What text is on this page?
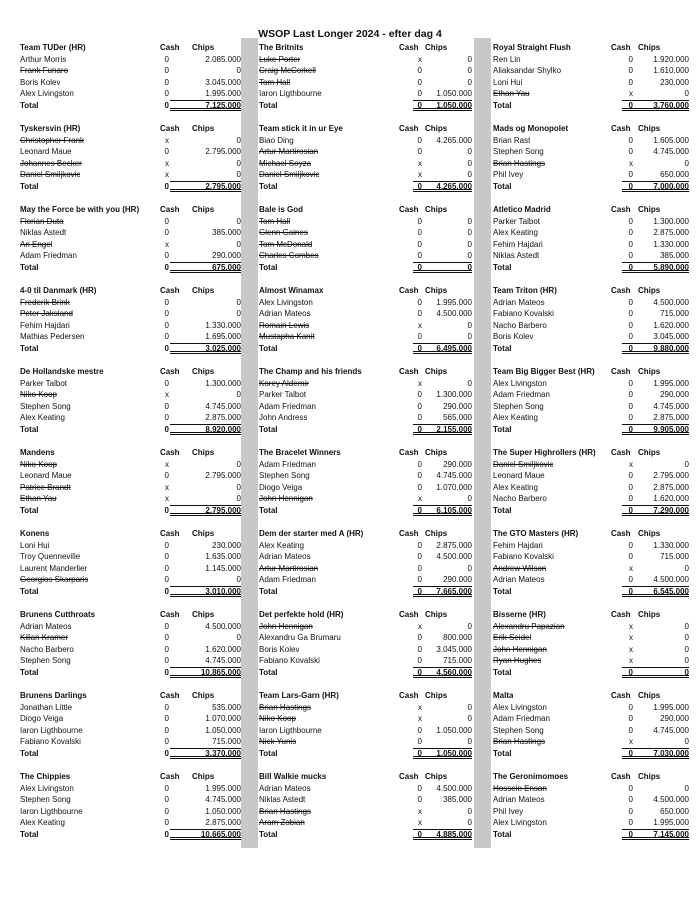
WSOP Last Longer 2024 - efter dag 4
Team TUDer (HR)	Cash Chips
Arthur Morris	0	2.085.000
Frank Funaro	0	0
Boris Kolev	0	3.045.000
Alex Livingston	0	1.995.000
Total	0	7.125.000
Tyskersvin (HR)	Cash Chips
Christopher Frank	x	0
Leonard Maue	0	2.795.000
Johannes Becker	x	0
Daniel Smiljkovic	x	0
Total	0	2.795.000
May the Force be with you (HR)	Cash Chips
Florian Duta	0	0
Niklas Astedt	0	385.000
Ari Engel	x	0
Adam Friedman	0	290.000
Total	0	675.000
4-0 til Danmark (HR)	Cash Chips
Frederik Brink	0	0
Peter Jaksland	0	0
Fehim Hajdari	0	1.330.000
Mathias Pedersen	0	1.695.000
Total	0	3.025.000
De Hollandske mestre	Cash Chips
Parker Talbot	0	1.300.000
Niko Koop	x	0
Stephen Song	0	4.745.000
Alex Keating	0	2.875.000
Total	0	8.920.000
Mandens	Cash Chips
Niko Koop	x	0
Leonard Maue	0	2.795.000
Patrice Brandt	x	0
Ethan Yau	x	0
Total	0	2.795.000
Konens	Cash Chips
Loni Hui	0	230.000
Troy Quenneville	0	1.635.000
Laurent Manderlier	0	1.145.000
Georgios Skarparis	0	0
Total	0	3.010.000
Brunens Cutthroats	Cash Chips
Adrian Mateos	0	4.500.000
Kilian Kramer	0	0
Nacho Barbero	0	1.620.000
Stephen Song	0	4.745.000
Total	0	10.865.000
Brunens Darlings	Cash Chips
Jonathan Little	0	535.000
Diogo Veiga	0	1.070.000
Iaron Ligthbourne	0	1.050.000
Fabiano Kovalski	0	715.000
Total	0	3.370.000
The Chippies	Cash Chips
Alex Livingston	0	1.995.000
Stephen Song	0	4.745.000
Iaron Ligthbourne	0	1.050.000
Alex Keating	0	2.875.000
Total	0	10.665.000
The Britnits	Cash Chips
Luke Porter	x	0
Craig McCorkell	0	0
Tom Hall	0	0
Iaron Ligthbourne	0 1.050.000
Total	0 1.050.000
Team stick it in ur Eye	Cash Chips
Biao Ding	0 4.265.000
Artur Martirosian	0	0
Michael Soyza	x	0
Daniel Smiljkovic	x	0
Total	0 4.265.000
Bale is God	Cash Chips
Tom Hall	0	0
Glenn Gaines	0	0
Tom McDonald	0	0
Charles Combes	0	0
Total	0	0
Almost Winamax	Cash Chips
Alex Livingston	0 1.995.000
Adrian Mateos	0 4.500.000
Romain Lewis	x	0
Mustapha Kanit	0	0
Total	0 6.495.000
The Champ and his friends	Cash Chips
Korey Aldemir	x	0
Parker Talbot	0 1.300.000
Adam Friedman	0	290.000
John Andress	0	565.000
Total	0 2.155.000
The Bracelet Winners	Cash Chips
Adam Friedman	0	290.000
Stephen Song	0 4.745.000
Diogo Veiga	0 1.070.000
John Hennigan	x	0
Total	0 6.105.000
Dem der starter med A (HR)	Cash Chips
Alex Keating	0 2.875.000
Adrian Mateos	0 4.500.000
Artur Martirosian	0	0
Adam Friedman	0	290.000
Total	0 7.665.000
Det perfekte hold (HR)	Cash Chips
John Hennigan	x	0
Alexandru Ga Brumaru	0	800.000
Boris Kolev	0 3.045.000
Fabiano Kovalski	0	715.000
Total	0 4.560.000
Team Lars-Garn (HR)	Cash Chips
Brian Hastings	x	0
Niko Koop	x	0
Iaron Ligthbourne	0 1.050.000
Nick Yunis	0	0
Total	0 1.050.000
Bill Walkie mucks	Cash Chips
Adrian Mateos	0 4.500.000
Niklas Astedt	0	385.000
Brian Hastings	x	0
Aram Zobian	x	0
Total	0 4.885.000
Royal Straight Flush	Cash Chips
Ren Lin	0	1.920.000
Aliaksandar Shylko	0	1.610.000
Loni Hui	0	230.000
Ethan Yau	x	0
Total	0	3.760.000
Mads og Monopolet	Cash Chips
Brian Rast	0	1.605.000
Stephen Song	0	4.745.000
Brian Hastings	x	0
Phil Ivey	0	650.000
Total	0	7.000.000
Atletico Madrid	Cash Chips
Parker Talbot	0	1.300.000
Alex Keating	0	2.875.000
Fehim Hajdari	0	1.330.000
Niklas Astedt	0	385.000
Total	0	5.890.000
Team Triton (HR)	Cash Chips
Adrian Mateos	0	4.500.000
Fabiano Kovalski	0	715.000
Nacho Barbero	0	1.620.000
Boris Kolev	0	3.045.000
Total	0	9.880.000
Team Big Bigger Best (HR) Cash Chips
Alex Livingston	0	1.995.000
Adam Friedman	0	290.000
Stephen Song	0	4.745.000
Alex Keating	0	2.875.000
Total	0	9.905.000
The Super Highrollers (HR) Cash Chips
Daniel Smiljkovic	x	0
Leonard Maue	0	2.795.000
Alex Keating	0	2.875.000
Nacho Barbero	0	1.620.000
Total	0	7.290.000
The GTO Masters (HR)	Cash Chips
Fehim Hajdari	0	1.330.000
Fabiano Kovalski	0	715.000
Andrew Wilson	x	0
Adrian Mateos	0	4.500.000
Total	0	6.545.000
Bisserne (HR)	Cash Chips
Alexandru Papazian	x	0
Erik Seidel	x	0
John Hennigan	x	0
Ryan Hughes	x	0
Total	0	0
Malta	Cash Chips
Alex Livingston	0	1.995.000
Adam Friedman	0	290.000
Stephen Song	0	4.745.000
Brian Hastings	x	0
Total	0	7.030.000
The Geronimomoes	Cash Chips
Hossein Ensan	0	0
Adrian Mateos	0	4.500.000
Phil Ivey	0	650.000
Alex Livingston	0	1.995.000
Total	0	7.145.000
